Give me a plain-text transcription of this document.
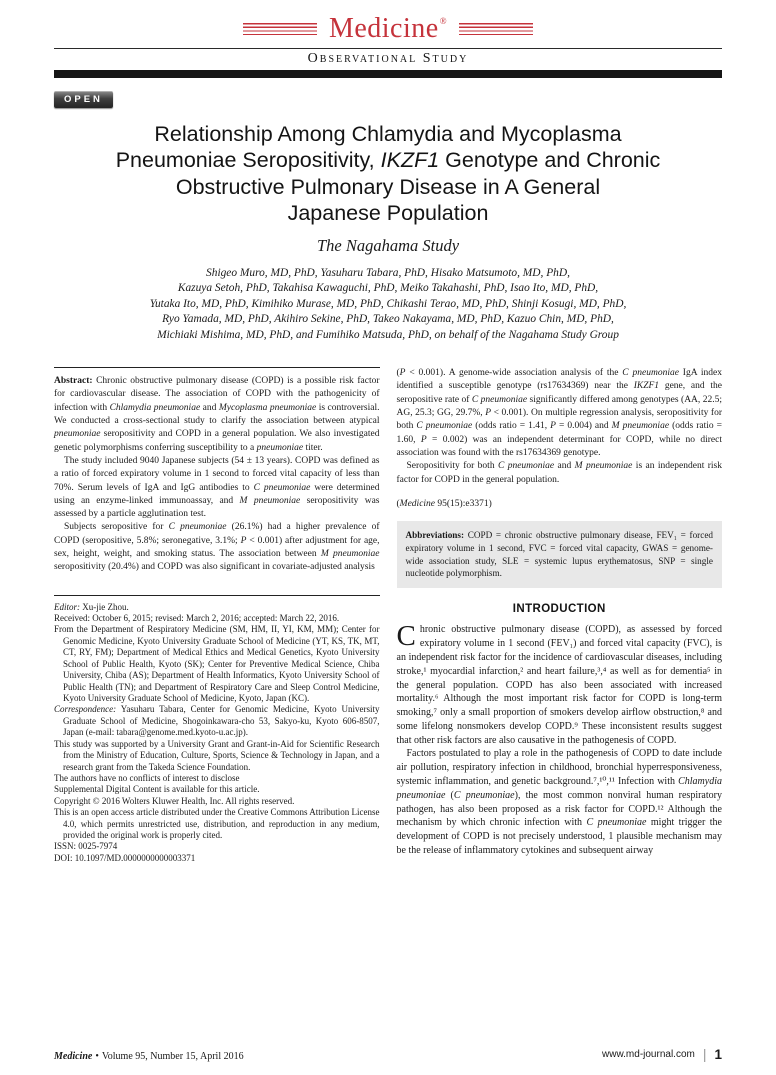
Medicine®
Observational Study
OPEN
Relationship Among Chlamydia and Mycoplasma
Pneumoniae Seropositivity, IKZF1 Genotype and Chronic
Obstructive Pulmonary Disease in A General
Japanese Population
The Nagahama Study
Shigeo Muro, MD, PhD, Yasuharu Tabara, PhD, Hisako Matsumoto, MD, PhD,
Kazuya Setoh, PhD, Takahisa Kawaguchi, PhD, Meiko Takahashi, PhD, Isao Ito, MD, PhD,
Yutaka Ito, MD, PhD, Kimihiko Murase, MD, PhD, Chikashi Terao, MD, PhD, Shinji Kosugi, MD, PhD,
Ryo Yamada, MD, PhD, Akihiro Sekine, PhD, Takeo Nakayama, MD, PhD, Kazuo Chin, MD, PhD,
Michiaki Mishima, MD, PhD, and Fumihiko Matsuda, PhD, on behalf of the Nagahama Study Group

Abstract: Chronic obstructive pulmonary disease (COPD) is a possible risk factor for cardiovascular disease. The association of COPD with the pathogenicity of infection with Chlamydia pneumoniae and Mycoplasma pneumoniae is controversial. We conducted a cross-sectional study to clarify the association between atypical pneumoniae seropositivity and COPD in a general population. We also investigated genetic polymorphisms conferring susceptibility to a pneumoniae titer.

The study included 9040 Japanese subjects (54 ± 13 years). COPD was defined as a ratio of forced expiratory volume in 1 second to forced vital capacity of less than 70%. Serum levels of IgA and IgG antibodies to C pneumoniae were determined using an enzyme-linked immunoassay, and M pneumoniae seropositivity was assessed by a particle agglutination test.

Subjects seropositive for C pneumoniae (26.1%) had a higher prevalence of COPD (seropositive, 5.8%; seronegative, 3.1%; P < 0.001) after adjustment for age, sex, height, weight, and smoking status. The association between M pneumoniae seropositivity (20.4%) and COPD was also significant in covariate-adjusted analysis

Editor: Xu-jie Zhou.

Received: October 6, 2015; revised: March 2, 2016; accepted: March 22, 2016.

From the Department of Respiratory Medicine (SM, HM, II, YI, KM, MM); Center for Genomic Medicine, Kyoto University Graduate School of Medicine (YT, KS, TK, MT, CT, RY, FM); Department of Medical Ethics and Medical Genetics, Kyoto University School of Public Health, Kyoto (SK); Center for Preventive Medical Science, Chiba University, Chiba (AS); Department of Health Informatics, Kyoto University School of Public Health (TN); and Department of Respiratory Care and Sleep Control Medicine, Kyoto University Graduate School of Medicine, Kyoto, Japan (KC).

Correspondence: Yasuharu Tabara, Center for Genomic Medicine, Kyoto University Graduate School of Medicine, Shogoinkawara-cho 53, Sakyo-ku, Kyoto 606-8507, Japan (e-mail: tabara@genome.med.kyoto-u.ac.jp).

This study was supported by a University Grant and Grant-in-Aid for Scientific Research from the Ministry of Education, Culture, Sports, Science & Technology in Japan, and a research grant from the Takeda Science Foundation.

The authors have no conflicts of interest to disclose

Supplemental Digital Content is available for this article.

Copyright © 2016 Wolters Kluwer Health, Inc. All rights reserved.

This is an open access article distributed under the Creative Commons Attribution License 4.0, which permits unrestricted use, distribution, and reproduction in any medium, provided the original work is properly cited.

ISSN: 0025-7974

DOI: 10.1097/MD.0000000000003371

(P < 0.001). A genome-wide association analysis of the C pneumoniae IgA index identified a susceptible genotype (rs17634369) near the IKZF1 gene, and the seropositive rate of C pneumoniae significantly differed among genotypes (AA, 22.5; AG, 25.3; GG, 29.7%, P < 0.001). On multiple regression analysis, seropositivity for both C pneumoniae (odds ratio = 1.41, P = 0.004) and M pneumoniae (odds ratio = 1.60, P = 0.002) was an independent determinant for COPD, while no direct association was found with the rs17634369 genotype.

Seropositivity for both C pneumoniae and M pneumoniae is an independent risk factor for COPD in the general population.

(Medicine 95(15):e3371)

Abbreviations: COPD = chronic obstructive pulmonary disease, FEV₁ = forced expiratory volume in 1 second, FVC = forced vital capacity, GWAS = genome-wide association study, SLE = systemic lupus erythematosus, SNP = single nucleotide polymorphism.
INTRODUCTION

Chronic obstructive pulmonary disease (COPD), as assessed by forced expiratory volume in 1 second (FEV₁) and forced vital capacity (FVC), is an independent risk factor for the incidence of cardiovascular diseases, including stroke,¹ myocardial infarction,² and heart failure,³,⁴ as well as for dementia⁵ in the general population. COPD has also been associated with increased mortality.⁶ Although the most important risk factor for COPD is long-term smoking,⁷ only a small proportion of smokers develop airflow obstruction,⁸ and some lifelong nonsmokers develop COPD.⁹ These inconsistent results suggest that other risk factors are also causative in the pathogenesis of COPD.

Factors postulated to play a role in the pathogenesis of COPD to date include air pollution, respiratory infection in childhood, bronchial hyperresponsiveness, systemic inflammation, and genetic background.⁷,¹⁰,¹¹ Infection with Chlamydia pneumoniae (C pneumoniae), the most common nonviral human respiratory pathogen, has also been proposed as a risk factor for COPD.¹² Although the mechanism by which chronic infection with C pneumoniae might trigger the development of COPD is not precisely understood, 1 plausible mechanism may be the release of inflammatory cytokines and subsequent airway

Medicine • Volume 95, Number 15, April 2016	www.md-journal.com | 1
